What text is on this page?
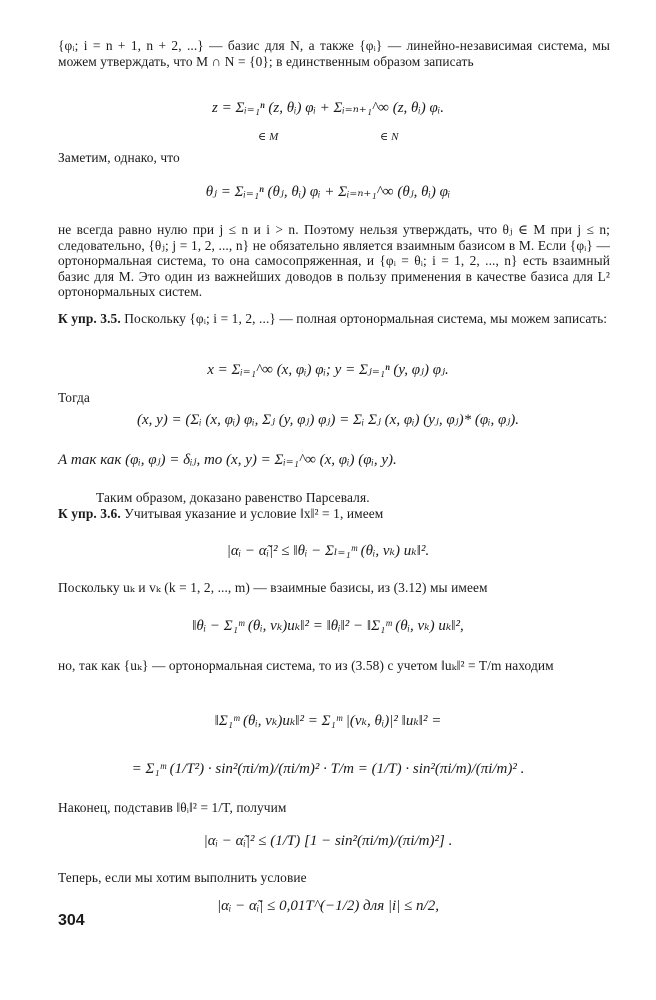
{φᵢ; i = n + 1, n + 2, ...} — базис для N, а также {φᵢ} — линейно-независимая система, мы можем утверждать, что M ∩ N = {0}; в единственным образом записать
z = Σᵢ₌₁ⁿ (z, θᵢ) φᵢ + Σᵢ₌ₙ₊₁^∞ (z, θᵢ) φᵢ.
∈ M	∈ N
Заметим, однако, что
θⱼ = Σᵢ₌₁ⁿ (θⱼ, θᵢ) φᵢ + Σᵢ₌ₙ₊₁^∞ (θⱼ, θᵢ) φᵢ
не всегда равно нулю при j ≤ n и i > n. Поэтому нельзя утверждать, что θⱼ ∈ M при j ≤ n; следовательно, {θⱼ; j = 1, 2, ..., n} не обязательно является взаимным базисом в M. Если {φᵢ} — ортонормальная система, то она самосопряженная, и {φᵢ = θᵢ; i = 1, 2, ..., n} есть взаимный базис для M. Это один из важнейших доводов в пользу применения в качестве базиса для L² ортонормальных систем.
К упр. 3.5. Поскольку {φᵢ; i = 1, 2, ...} — полная ортонормальная система, мы можем записать:
x = Σᵢ₌₁^∞ (x, φᵢ) φᵢ; y = Σⱼ₌₁ⁿ (y, φⱼ) φⱼ.
Тогда
(x, y) = (Σᵢ (x, φᵢ) φᵢ, Σⱼ (y, φⱼ) φⱼ) = Σᵢ Σⱼ (x, φᵢ) (yⱼ, φⱼ)* (φᵢ, φⱼ).
А так как (φᵢ, φⱼ) = δᵢⱼ, то (x, y) = Σᵢ₌₁^∞ (x, φᵢ) (φᵢ, y).
Таким образом, доказано равенство Парсеваля.
К упр. 3.6. Учитывая указание и условие ‖x‖² = 1, имеем
|αᵢ − α̃ᵢ|² ≤ ‖θᵢ − Σₗ₌₁ᵐ (θᵢ, vₖ) uₖ‖².
Поскольку uₖ и vₖ (k = 1, 2, ..., m) — взаимные базисы, из (3.12) мы имеем
‖θᵢ − Σ₁ᵐ (θᵢ, vₖ)uₖ‖² = ‖θᵢ‖² − ‖Σ₁ᵐ (θᵢ, vₖ) uₖ‖²,
но, так как {uₖ} — ортонормальная система, то из (3.58) с учетом ‖uₖ‖² = T/m находим
‖Σ₁ᵐ (θᵢ, vₖ)uₖ‖² = Σ₁ᵐ |(vₖ, θᵢ)|² ‖uₖ‖² =
= Σ₁ᵐ (1/T²) · sin²(πi/m)/(πi/m)² · T/m = (1/T) · sin²(πi/m)/(πi/m)² .
Наконец, подставив ‖θᵢ‖² = 1/T, получим
|αᵢ − α̃ᵢ|² ≤ (1/T) [1 − sin²(πi/m)/(πi/m)²] .
Теперь, если мы хотим выполнить условие
|αᵢ − α̃ᵢ| ≤ 0,01T^(−1/2) для |i| ≤ n/2,
304
